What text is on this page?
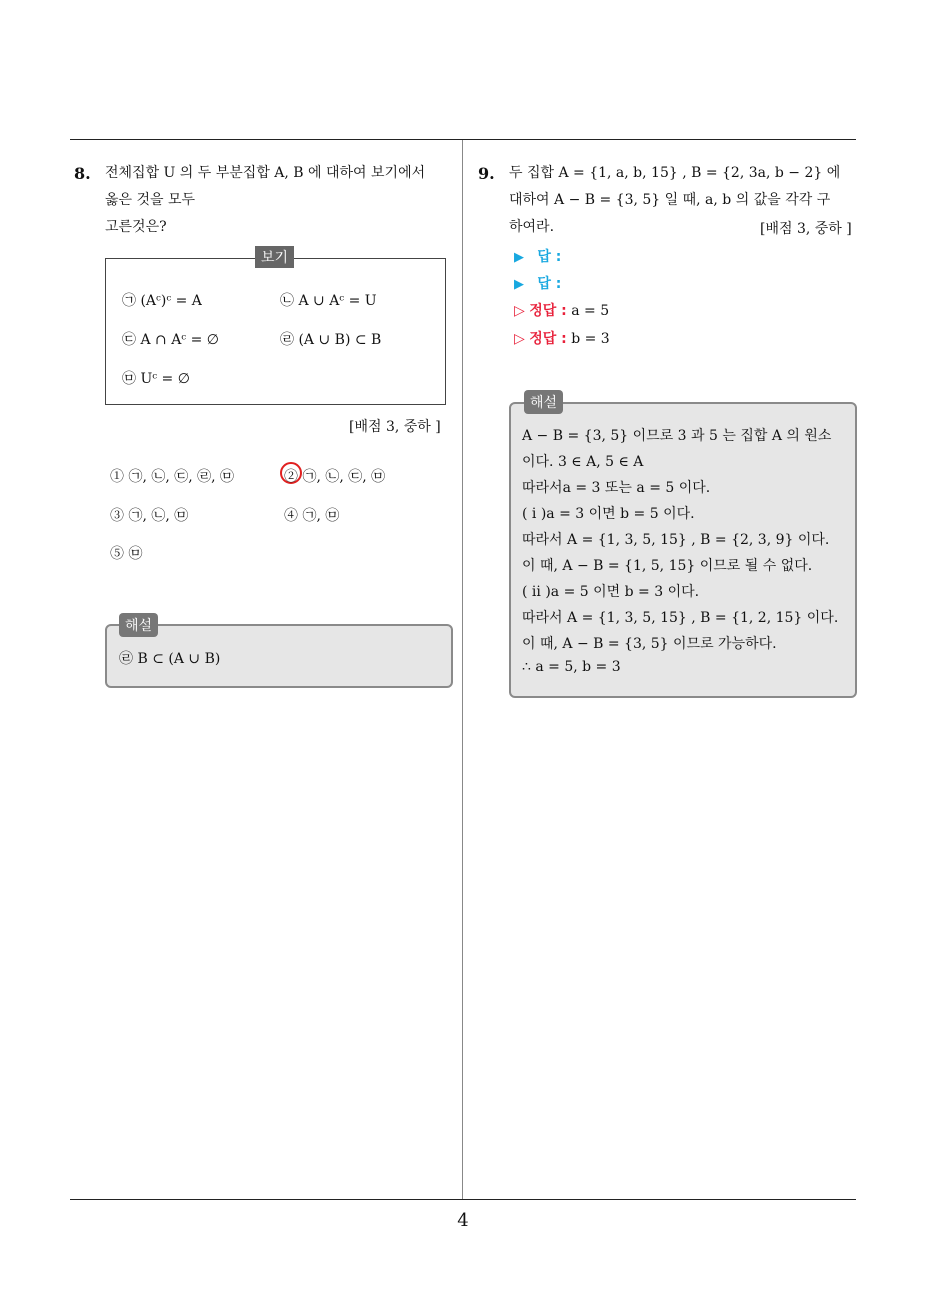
4
8. 전체집합 U 의 두 부분집합 A, B 에 대하여 보기에서
옳은 것을 모두
고른것은?
보기
㉠ (Aᶜ)ᶜ = A	㉡ A ∪ Aᶜ = U
㉢ A ∩ Aᶜ = ∅	㉣ (A ∪ B) ⊂ B
㉤ Uᶜ = ∅
[배점 3, 중하 ]
① ㉠, ㉡, ㉢, ㉣, ㉤	② ㉠, ㉡, ㉢, ㉤
③ ㉠, ㉡, ㉤	④ ㉠, ㉤
⑤ ㉤
해설
㉣ B ⊂ (A ∪ B)
9. 두 집합 A = {1, a, b, 15} , B = {2, 3a, b − 2} 에
대하여 A − B = {3, 5} 일 때, a, b 의 값을 각각 구
하여라.	[배점 3, 중하 ]
▶ 답 :
▶ 답 :
▷ 정답 : a = 5
▷ 정답 : b = 3
해설
A − B = {3, 5} 이므로 3 과 5 는 집합 A 의 원소
이다. 3 ∈ A, 5 ∈ A
따라서a = 3 또는 a = 5 이다.
( i )a = 3 이면 b = 5 이다.
따라서 A = {1, 3, 5, 15} , B = {2, 3, 9} 이다.
이 때, A − B = {1, 5, 15} 이므로 될 수 없다.
( ii )a = 5 이면 b = 3 이다.
따라서 A = {1, 3, 5, 15} , B = {1, 2, 15} 이다.
이 때, A − B = {3, 5} 이므로 가능하다.
∴ a = 5, b = 3
